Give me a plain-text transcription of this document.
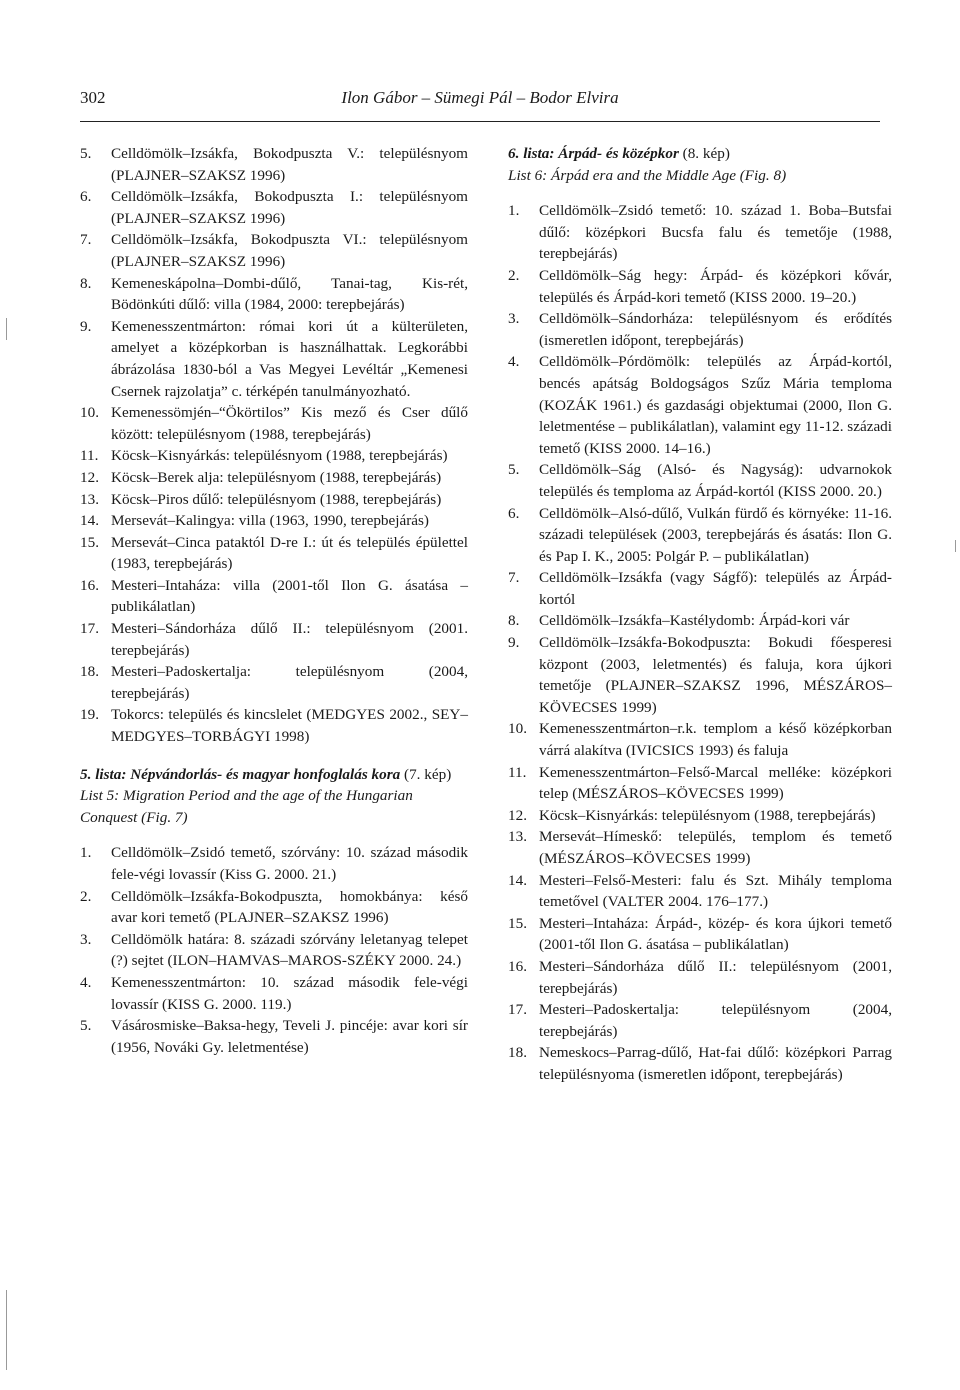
302	Ilon Gábor – Sümegi Pál – Bodor Elvira
5. Celldömölk–Izsákfa, Bokodpuszta V.: településnyom (PLAJNER–SZAKSZ 1996)
6. Celldömölk–Izsákfa, Bokodpuszta I.: településnyom (PLAJNER–SZAKSZ 1996)
7. Celldömölk–Izsákfa, Bokodpuszta VI.: településnyom (PLAJNER–SZAKSZ 1996)
8. Kemeneskápolna–Dombi-dűlő, Tanai-tag, Kis-rét, Bödönkúti dűlő: villa (1984, 2000: terepbejárás)
9. Kemenesszentmárton: római kori út a külterületen, amelyet a középkorban is használhattak. Legkorábbi ábrázolása 1830-ból a Vas Megyei Levéltár „Kemenesi Csernek rajzolatja” c. térképén tanulmányozható.
10. Kemenessömjén–“Ökörtilos” Kis mező és Cser dűlő között: településnyom (1988, terepbejárás)
11. Köcsk–Kisnyárkás: településnyom (1988, terepbejárás)
12. Köcsk–Berek alja: településnyom (1988, terepbejárás)
13. Köcsk–Piros dűlő: településnyom (1988, terepbejárás)
14. Mersevát–Kalingya: villa (1963, 1990, terepbejárás)
15. Mersevát–Cinca pataktól D-re I.: út és település épülettel (1983, terepbejárás)
16. Mesteri–Intaháza: villa (2001-től Ilon G. ásatása – publikálatlan)
17. Mesteri–Sándorháza dűlő II.: településnyom (2001. terepbejárás)
18. Mesteri–Padoskertalja: településnyom (2004, terepbejárás)
19. Tokorcs: település és kincslelet (MEDGYES 2002., SEY–MEDGYES–TORBÁGYI 1998)
5. lista: Népvándorlás- és magyar honfoglalás kora (7. kép)
List 5: Migration Period and the age of the Hungarian Conquest (Fig. 7)
1. Celldömölk–Zsidó temető, szórvány: 10. század második fele-végi lovassír (Kiss G. 2000. 21.)
2. Celldömölk–Izsákfa-Bokodpuszta, homokbánya: késő avar kori temető (PLAJNER–SZAKSZ 1996)
3. Celldömölk határa: 8. századi szórvány leletanyag telepet (?) sejtet (ILON–HAMVAS–MAROS-SZÉKY 2000. 24.)
4. Kemenesszentmárton: 10. század második fele-végi lovassír (KISS G. 2000. 119.)
5. Vásárosmiske–Baksa-hegy, Teveli J. pincéje: avar kori sír (1956, Nováki Gy. leletmentése)
6. lista: Árpád- és középkor (8. kép)
List 6: Árpád era and the Middle Age (Fig. 8)
1. Celldömölk–Zsidó temető: 10. század 1. Boba–Butsfai dűlő: középkori Bucsfa falu és temetője (1988, terepbejárás)
2. Celldömölk–Ság hegy: Árpád- és középkori kővár, település és Árpád-kori temető (KISS 2000. 19–20.)
3. Celldömölk–Sándorháza: településnyom és erődítés (ismeretlen időpont, terepbejárás)
4. Celldömölk–Pórdömölk: település az Árpád-kortól, bencés apátság Boldogságos Szűz Mária temploma (KOZÁK 1961.) és gazdasági objektumai (2000, Ilon G. leletmentése – publikálatlan), valamint egy 11-12. századi temető (KISS 2000. 14–16.)
5. Celldömölk–Ság (Alsó- és Nagyság): udvarnokok település és temploma az Árpád-kortól (KISS 2000. 20.)
6. Celldömölk–Alsó-dűlő, Vulkán fürdő és környéke: 11-16. századi települések (2003, terepbejárás és ásatás: Ilon G. és Pap I. K., 2005: Polgár P. – publikálatlan)
7. Celldömölk–Izsákfa (vagy Ságfő): település az Árpád-kortól
8. Celldömölk–Izsákfa–Kastélydomb: Árpád-kori vár
9. Celldömölk–Izsákfa-Bokodpuszta: Bokudi főesperesi központ (2003, leletmentés) és faluja, kora újkori temetője (PLAJNER–SZAKSZ 1996, MÉSZÁROS–KÖVECSES 1999)
10. Kemenesszentmárton–r.k. templom a késő középkorban várrá alakítva (IVICSICS 1993) és faluja
11. Kemenesszentmárton–Felső-Marcal melléke: középkori telep (MÉSZÁROS–KÖVECSES 1999)
12. Köcsk–Kisnyárkás: településnyom (1988, terepbejárás)
13. Mersevát–Hímeskő: település, templom és temető (MÉSZÁROS–KÖVECSES 1999)
14. Mesteri–Felső-Mesteri: falu és Szt. Mihály temploma temetővel (VALTER 2004. 176–177.)
15. Mesteri–Intaháza: Árpád-, közép- és kora újkori temető (2001-től Ilon G. ásatása – publikálatlan)
16. Mesteri–Sándorháza dűlő II.: településnyom (2001, terepbejárás)
17. Mesteri–Padoskertalja: településnyom (2004, terepbejárás)
18. Nemeskocs–Parrag-dűlő, Hat-fai dűlő: középkori Parrag településnyoma (ismeretlen időpont, terepbejárás)
